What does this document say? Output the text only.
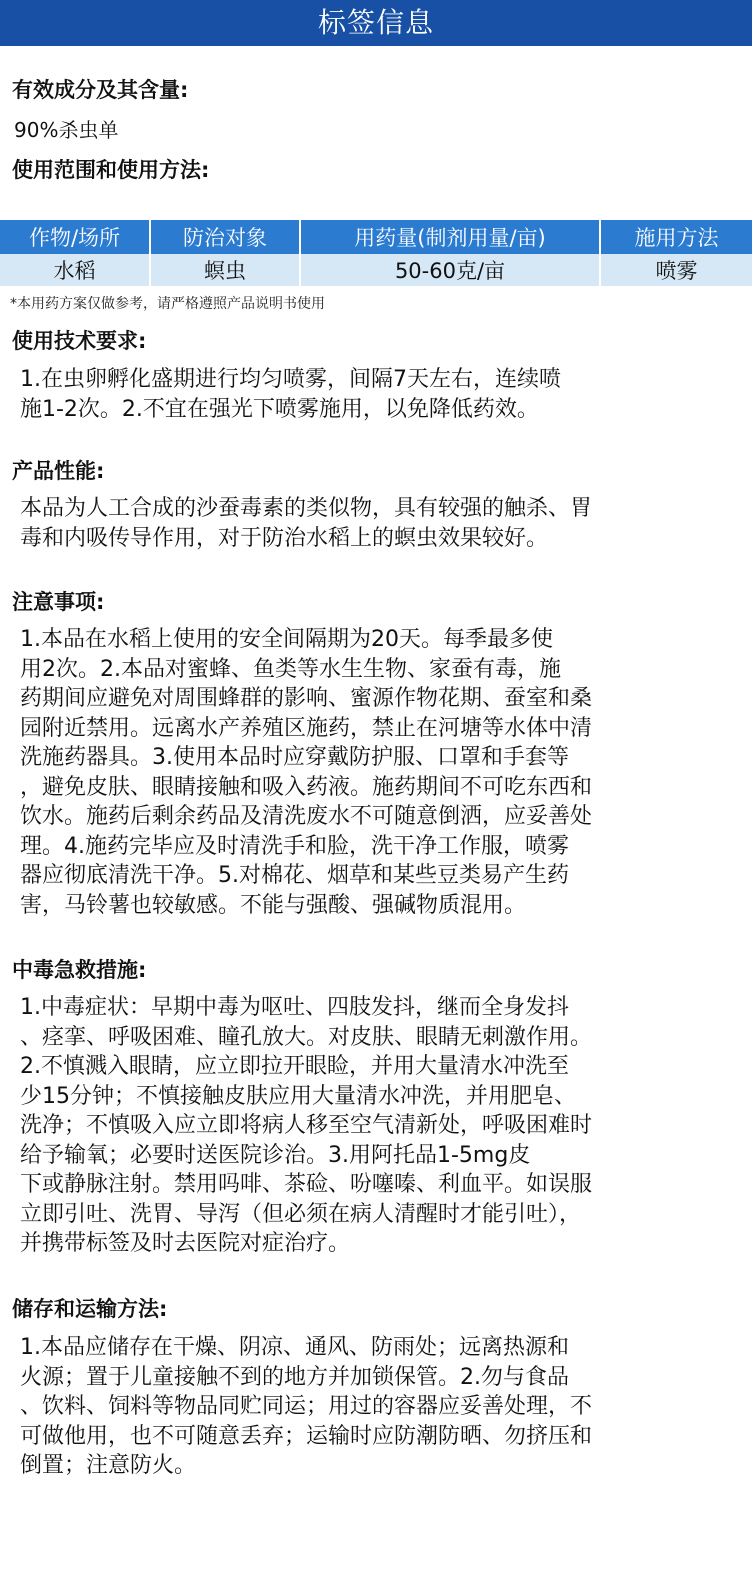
标签信息
有效成分及其含量:
90%杀虫单
使用范围和使用方法:
作物/场所	防治对象	用药量(制剂用量/亩)	施用方法
水稻	螟虫	50-60克/亩	喷雾
*本用药方案仅做参考，请严格遵照产品说明书使用
使用技术要求:
1.在虫卵孵化盛期进行均匀喷雾，间隔7天左右，连续喷
施1-2次。2.不宜在强光下喷雾施用，以免降低药效。
产品性能:
本品为人工合成的沙蚕毒素的类似物，具有较强的触杀、胃
毒和内吸传导作用，对于防治水稻上的螟虫效果较好。
注意事项:
1.本品在水稻上使用的安全间隔期为20天。每季最多使
用2次。2.本品对蜜蜂、鱼类等水生生物、家蚕有毒，施
药期间应避免对周围蜂群的影响、蜜源作物花期、蚕室和桑
园附近禁用。远离水产养殖区施药，禁止在河塘等水体中清
洗施药器具。3.使用本品时应穿戴防护服、口罩和手套等
，避免皮肤、眼睛接触和吸入药液。施药期间不可吃东西和
饮水。施药后剩余药品及清洗废水不可随意倒洒，应妥善处
理。4.施药完毕应及时清洗手和脸，洗干净工作服，喷雾
器应彻底清洗干净。5.对棉花、烟草和某些豆类易产生药
害，马铃薯也较敏感。不能与强酸、强碱物质混用。
中毒急救措施:
1.中毒症状：早期中毒为呕吐、四肢发抖，继而全身发抖
、痉挛、呼吸困难、瞳孔放大。对皮肤、眼睛无刺激作用。
2.不慎溅入眼睛，应立即拉开眼睑，并用大量清水冲洗至
少15分钟；不慎接触皮肤应用大量清水冲洗，并用肥皂、
洗净；不慎吸入应立即将病人移至空气清新处，呼吸困难时
给予输氧；必要时送医院诊治。3.用阿托品1-5mg皮
下或静脉注射。禁用吗啡、茶硷、吩噻嗪、利血平。如误服
立即引吐、洗胃、导泻（但必须在病人清醒时才能引吐），
并携带标签及时去医院对症治疗。
储存和运输方法:
1.本品应储存在干燥、阴凉、通风、防雨处；远离热源和
火源；置于儿童接触不到的地方并加锁保管。2.勿与食品
、饮料、饲料等物品同贮同运；用过的容器应妥善处理，不
可做他用，也不可随意丢弃；运输时应防潮防晒、勿挤压和
倒置；注意防火。
